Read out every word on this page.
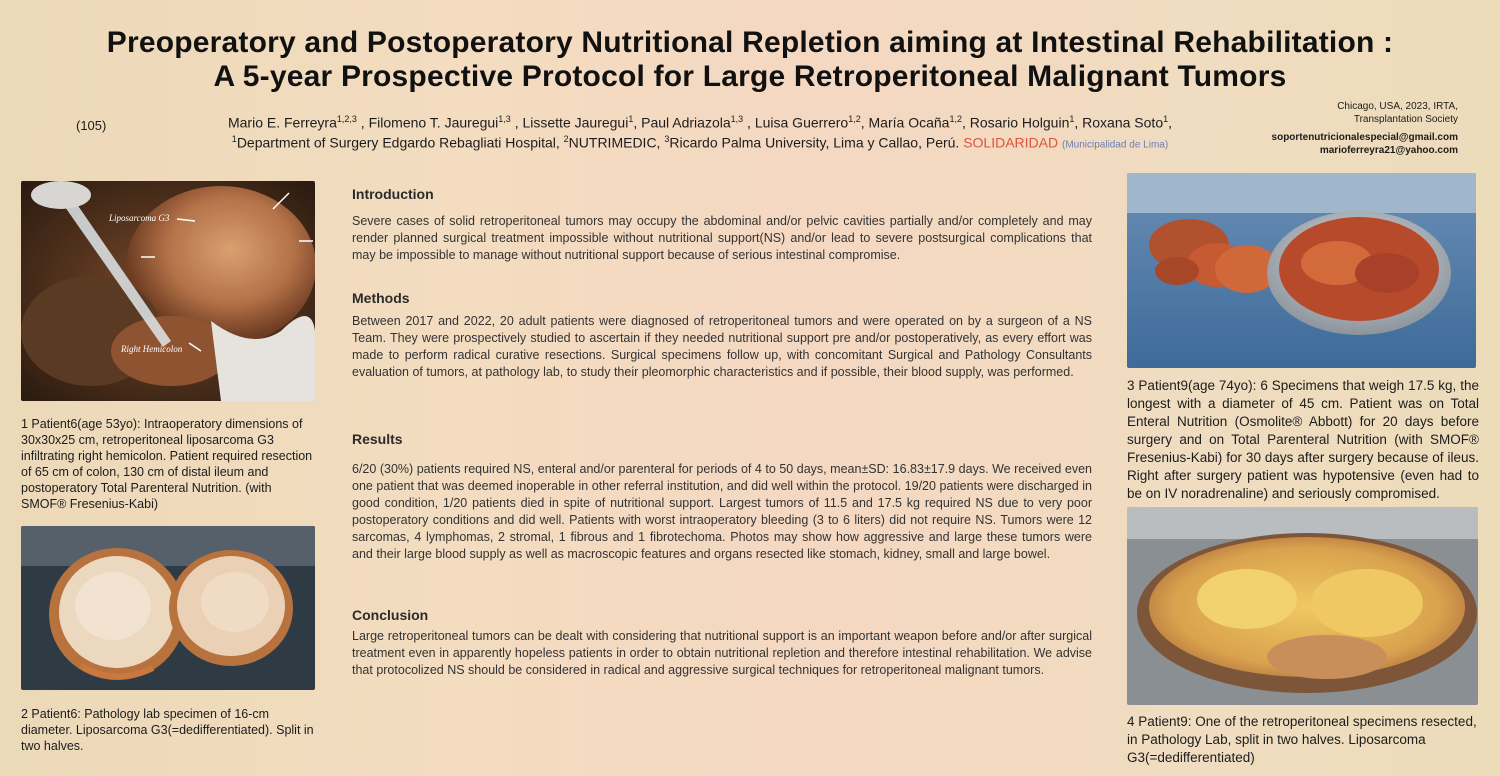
Preoperatory and Postoperatory Nutritional Repletion aiming at Intestinal Rehabilitation :
A 5-year Prospective Protocol for Large Retroperitoneal Malignant Tumors
(105)	Mario E. Ferreyra$^{1,2,3}$ , Filomeno T. Jauregui$^{1,3}$ , Lissette Jauregui$^1$, Paul Adriazola$^{1,3}$ , Luisa Guerrero$^{1,2}$, María Ocaña$^{1,2}$, Rosario Holguin$^1$, Roxana Soto$^1$,
$^1$Department of Surgery Edgardo Rebagliati Hospital, $^2$NUTRIMEDIC, $^3$Ricardo Palma University, Lima y Callao, Perú. SOLIDARIDAD (Municipalidad de Lima)
Chicago, USA, 2023, IRTA,
Transplantation Society
soportenutricionalespecial@gmail.com
marioferreyra21@yahoo.com
Liposarcoma G3
Right Hemicolon
1 Patient6(age 53yo): Intraoperatory dimensions of 30x30x25 cm, retroperitoneal liposarcoma G3 infiltrating right hemicolon. Patient required resection of 65 cm of colon, 130 cm of distal ileum and postoperatory Total Parenteral Nutrition. (with SMOF® Fresenius-Kabi)
2 Patient6: Pathology lab specimen of 16-cm diameter. Liposarcoma G3(=dedifferentiated). Split in two halves.
Introduction
Severe cases of solid retroperitoneal tumors may occupy the abdominal and/or pelvic cavities partially and/or completely and may render planned surgical treatment impossible without nutritional support(NS) and/or lead to severe postsurgical complications that may be impossible to manage without nutritional support because of serious intestinal compromise.
Methods
Between 2017 and 2022, 20 adult patients were diagnosed of retroperitoneal tumors and were operated on by a surgeon of a NS Team. They were prospectively studied to ascertain if they needed nutritional support pre and/or postoperatively, as every effort was made to perform radical curative resections. Surgical specimens follow up, with concomitant Surgical and Pathology Consultants evaluation of tumors, at pathology lab, to study their pleomorphic characteristics and if possible, their blood supply, was performed.
Results
6/20 (30%) patients required NS, enteral and/or parenteral for periods of 4 to 50 days, mean±SD: 16.83±17.9 days. We received even one patient that was deemed inoperable in other referral institution, and did well within the protocol. 19/20 patients were discharged in good condition, 1/20 patients died in spite of nutritional support. Largest tumors of 11.5 and 17.5 kg required NS due to very poor postoperatory conditions and did well. Patients with worst intraoperatory bleeding (3 to 6 liters) did not require NS. Tumors were 12 sarcomas, 4 lymphomas, 2 stromal, 1 fibrous and 1 fibrotechoma. Photos may show how aggressive and large these tumors were and their large blood supply as well as macroscopic features and organs resected like stomach, kidney, small and large bowel.
Conclusion
Large retroperitoneal tumors can be dealt with considering that nutritional support is an important weapon before and/or after surgical treatment even in apparently hopeless patients in order to obtain nutritional repletion and therefore intestinal rehabilitation. We advise that protocolized NS should be considered in radical and aggressive surgical techniques for retroperitoneal malignant tumors.
3 Patient9(age 74yo): 6 Specimens that weigh 17.5 kg, the longest with a diameter of 45 cm. Patient was on Total Enteral Nutrition (Osmolite® Abbott) for 20 days before surgery and on Total Parenteral Nutrition (with SMOF® Fresenius-Kabi) for 30 days after surgery because of ileus. Right after surgery patient was hypotensive (even had to be on IV noradrenaline) and seriously compromised.
4 Patient9: One of the retroperitoneal specimens resected, in Pathology Lab, split in two halves. Liposarcoma G3(=dedifferentiated)
